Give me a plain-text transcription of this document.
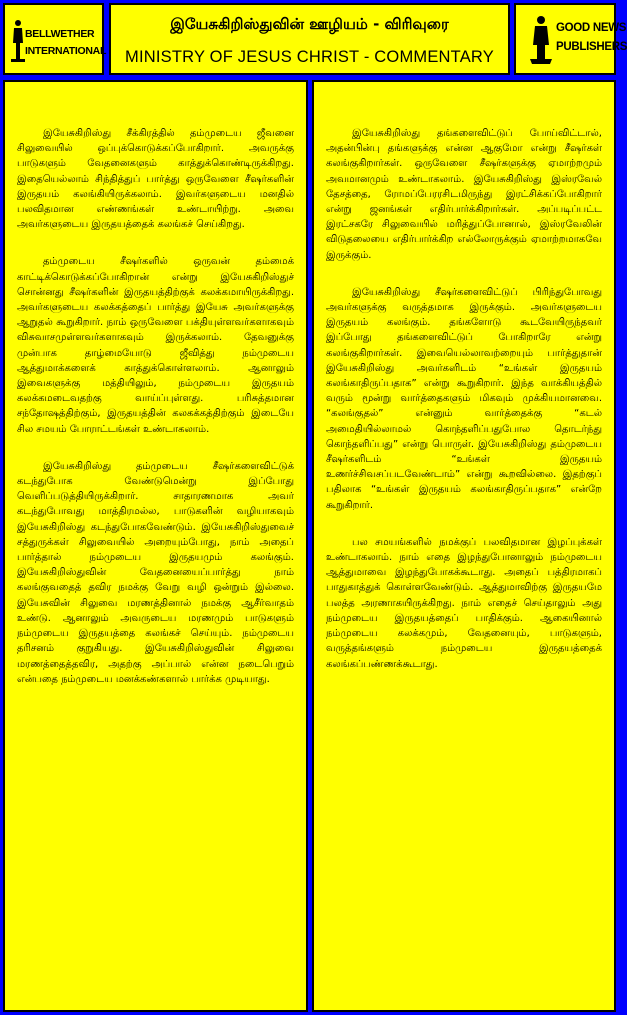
BELLWETHER
INTERNATIONAL
இயேசுகிறிஸ்துவின் ஊழியம் - விரிவுரை
MINISTRY OF JESUS CHRIST - COMMENTARY
GOOD NEWS
PUBLISHERS

இயேசுகிறிஸ்து சீக்கிரத்தில் தம்முடைய ஜீவனை சிலுவையில் ஒப்புக்கொடுக்கப்போகிறார். அவருக்கு பாடுகளும் வேதனைகளும் காத்துக்கொண்டிருக்கிறது. இதையெல்லாம் சிந்தித்துப் பார்த்து ஒருவேளை சீஷர்களின் இருதயம் கலங்கியிருக்கலாம். இவர்களுடைய மனதில் பலவிதமான எண்ணங்கள் உண்டாயிற்று. அவை அவர்களுடைய இருதயத்தைக் கலங்கச் செய்கிறது.

தம்முடைய சீஷர்களில் ஒருவன் தம்மைக் காட்டிக்கொடுக்கப்போகிறான் என்று இயேசுகிறிஸ்துச் சொன்னது சீஷர்களின் இருதயத்திற்குக் கலக்கமாயிருக்கிறது. அவர்களுடைய கலக்கத்தைப் பார்த்து இயேசு அவர்களுக்கு ஆறுதல் கூறுகிறார். நாம் ஒருவேளை பக்தியுள்ளவர்களாகவும் விசுவாசமுள்ளவர்களாகவும் இருக்கலாம். தேவனுக்கு முன்பாக தாழ்மையோடு ஜீவித்து நம்முடைய ஆத்துமாக்களைக் காத்துக்கொள்ளலாம். ஆனாலும் இவைகளுக்கு மத்தியிலும், நம்முடைய இருதயம் கலக்கமடைவதற்கு வாய்ப்புள்ளது. பரிசுத்தமான சந்தோஷத்திற்கும், இருதயத்தின் கலகக்கத்திற்கும் இடையே சில சமயம் போராட்டங்கள் உண்டாகலாம்.

இயேசுகிறிஸ்து தம்முடைய சீஷர்களைவிட்டுக் கடந்துபோக வேண்டுமென்று இப்போது வெளிப்படுத்தியிருக்கிறார். சாதாரணமாக அவர் கடந்துபோவது மாத்திரமல்ல, பாடுகளின் வழியாகவும் இயேசுகிறிஸ்து கடந்துபோகவேண்டும். இயேசுகிறிஸ்துவைச் சத்துருக்கள் சிலுவையில் அறையும்போது, நாம் அதைப் பார்த்தால் நம்முடைய இருதயமும் கலங்கும். இயேசுகிறிஸ்துவின் வேதனையைப்பார்த்து நாம் கலங்குவதைத் தவிர நமக்கு வேறு வழி ஒன்றும் இல்லை. இயேசுவின் சிலுவை மரணத்தினால் நமக்கு ஆசீர்வாதம் உண்டு. ஆனாலும் அவருடைய மரணமும் பாடுகளும் நம்முடைய இருதயத்தை கலங்கச் செய்யும். நம்முடைய தரிசனம் குறுகியது. இயேசுகிறிஸ்துவின் சிலுவை மரணத்தைத்தவிர, அதற்கு அப்பால் என்ன நடைபெறும் என்பதை நம்முடைய மனக்கண்களால் பார்க்க முடியாது.

இயேசுகிறிஸ்து தங்களைவிட்டுப் போய்விட்டால், அதன்பின்பு தங்களுக்கு என்ன ஆகுமோ என்று சீஷர்கள் கலங்குகிறார்கள். ஒருவேளை சீஷர்களுக்கு ஏமாற்றமும் அவமானமும் உண்டாகலாம். இயேசுகிறிஸ்து இஸ்ரவேல் தேசத்தை, ரோமப்பேரரசிடமிருந்து இரட்சிக்கப்போகிறார் என்று ஜனங்கள் எதிர்பார்க்கிறார்கள். அப்படிப்பட்ட இரட்சகரே சிலுவையில் மரித்துப்போனால், இஸ்ரவேலின் விடுதலையை எதிர்பார்க்கிற எல்லோருக்கும் ஏமாற்றமாகவே இருக்கும்.

இயேசுகிறிஸ்து சீஷர்களைவிட்டுப் பிரிந்துபோவது அவர்களுக்கு வருத்தமாக இருக்கும். அவர்களுடைய இருதயம் கலங்கும். தங்களோடு கூடவேயிருந்தவர் இப்போது தங்களைவிட்டுப் போகிறாரே என்று கலங்குகிறார்கள். இவையெல்லாவற்றையும் பார்த்துதான் இயேசுகிறிஸ்து அவர்களிடம் “உங்கள் இருதயம் கலங்காதிருப்பதாக” என்று கூறுகிறார். இந்த வாக்கியத்தில் வரும் மூன்று வார்த்தைகளும் மிகவும் முக்கியமானவை. “கலங்குதல்” என்னும் வார்த்தைக்கு “கடல் அமைதியில்லாமல் கொந்தளிப்பதுபோல தொடர்ந்து கொந்தளிப்பது” என்று பொருள். இயேசுகிறிஸ்து தம்முடைய சீஷர்களிடம் “உங்கள் இருதயம் உணர்ச்சிவசப்படவேண்டாம்” என்று கூறவில்லை. இதற்குப் பதிலாக “உங்கள் இருதயம் கலங்காதிருப்பதாக” என்றே கூறுகிறார்.

பல சமயங்களில் நமக்குப் பலவிதமான இழப்புக்கள் உண்டாகலாம். நாம் எதை இழந்துபோனாலும் நம்முடைய ஆத்துமாவை இழந்துபோகக்கூடாது. அதைப் பத்திரமாகப் பாதுகாத்துக் கொள்ளவேண்டும். ஆத்துமாவிற்கு இருதயமே பலத்த அரணாகயிருக்கிறது. நாம் எதைச் செய்தாலும் அது நம்முடைய இருதயத்தைப் பாதிக்கும். ஆகையினால் நம்முடைய கலக்கமும், வேதனையும், பாடுகளும், வருத்தங்களும் நம்முடைய இருதயத்தைக் கலங்கப்பண்ணக்கூடாது.
